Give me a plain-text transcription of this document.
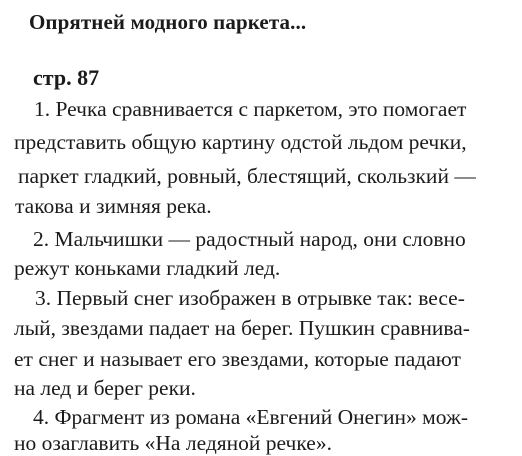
Опрятней модного паркета...
стр. 87
1. Речка сравнивается с паркетом, это помогает
представить общую картину одстой льдом речки,
паркет гладкий, ровный, блестящий, скользкий —
такова и зимняя река.
2. Мальчишки — радостный народ, они словно
режут коньками гладкий лед.
3. Первый снег изображен в отрывке так: весе-
лый, звездами падает на берег. Пушкин сравнива-
ет снег и называет его звездами, которые падают
на лед и берег реки.
4. Фрагмент из романа «Евгений Онегин» мож-
но озаглавить «На ледяной речке».
